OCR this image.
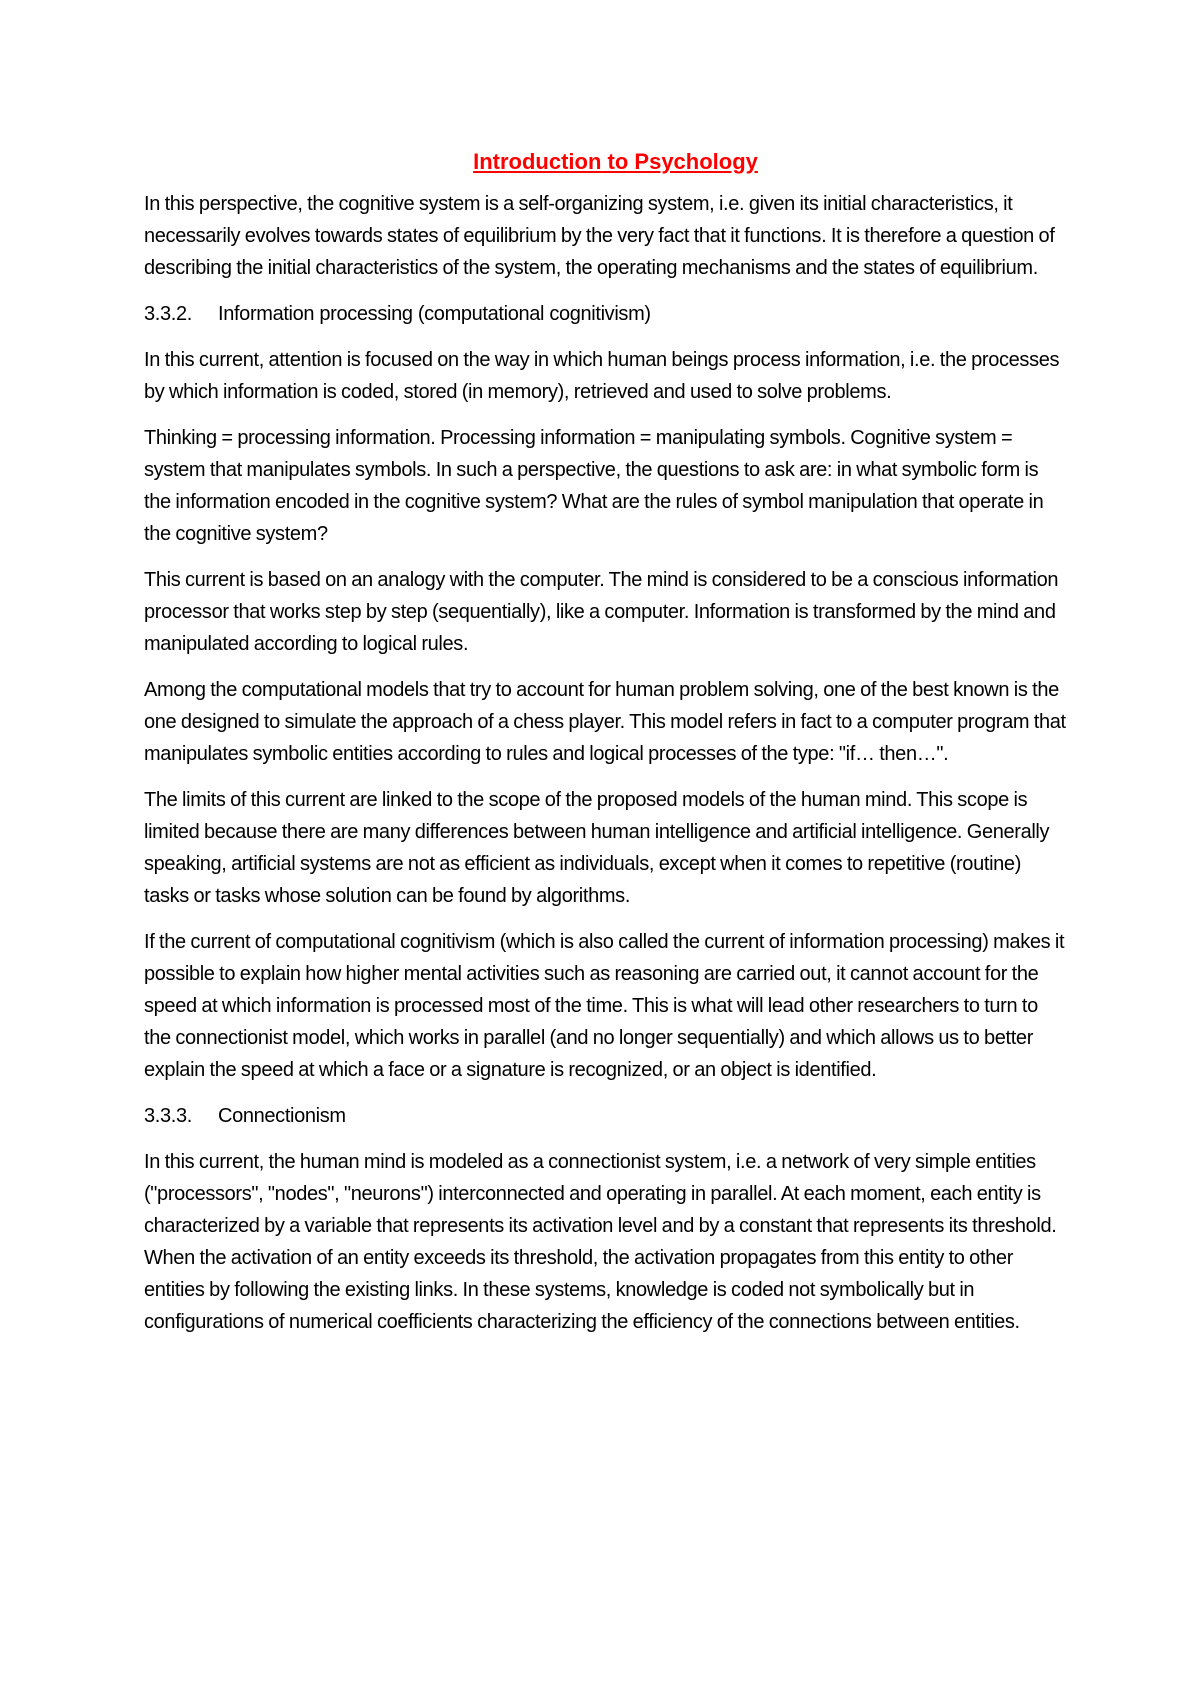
Introduction to Psychology

In this perspective, the cognitive system is a self-organizing system, i.e. given its initial characteristics, it necessarily evolves towards states of equilibrium by the very fact that it functions. It is therefore a question of describing the initial characteristics of the system, the operating mechanisms and the states of equilibrium.

3.3.2. Information processing (computational cognitivism)

In this current, attention is focused on the way in which human beings process information, i.e. the processes by which information is coded, stored (in memory), retrieved and used to solve problems.

Thinking = processing information. Processing information = manipulating symbols. Cognitive system = system that manipulates symbols. In such a perspective, the questions to ask are: in what symbolic form is the information encoded in the cognitive system? What are the rules of symbol manipulation that operate in the cognitive system?

This current is based on an analogy with the computer. The mind is considered to be a conscious information processor that works step by step (sequentially), like a computer. Information is transformed by the mind and manipulated according to logical rules.

Among the computational models that try to account for human problem solving, one of the best known is the one designed to simulate the approach of a chess player. This model refers in fact to a computer program that manipulates symbolic entities according to rules and logical processes of the type: "if… then…".

The limits of this current are linked to the scope of the proposed models of the human mind. This scope is limited because there are many differences between human intelligence and artificial intelligence. Generally speaking, artificial systems are not as efficient as individuals, except when it comes to repetitive (routine) tasks or tasks whose solution can be found by algorithms.

If the current of computational cognitivism (which is also called the current of information processing) makes it possible to explain how higher mental activities such as reasoning are carried out, it cannot account for the speed at which information is processed most of the time. This is what will lead other researchers to turn to the connectionist model, which works in parallel (and no longer sequentially) and which allows us to better explain the speed at which a face or a signature is recognized, or an object is identified.

3.3.3. Connectionism

In this current, the human mind is modeled as a connectionist system, i.e. a network of very simple entities ("processors", "nodes", "neurons") interconnected and operating in parallel. At each moment, each entity is characterized by a variable that represents its activation level and by a constant that represents its threshold. When the activation of an entity exceeds its threshold, the activation propagates from this entity to other entities by following the existing links. In these systems, knowledge is coded not symbolically but in configurations of numerical coefficients characterizing the efficiency of the connections between entities.
